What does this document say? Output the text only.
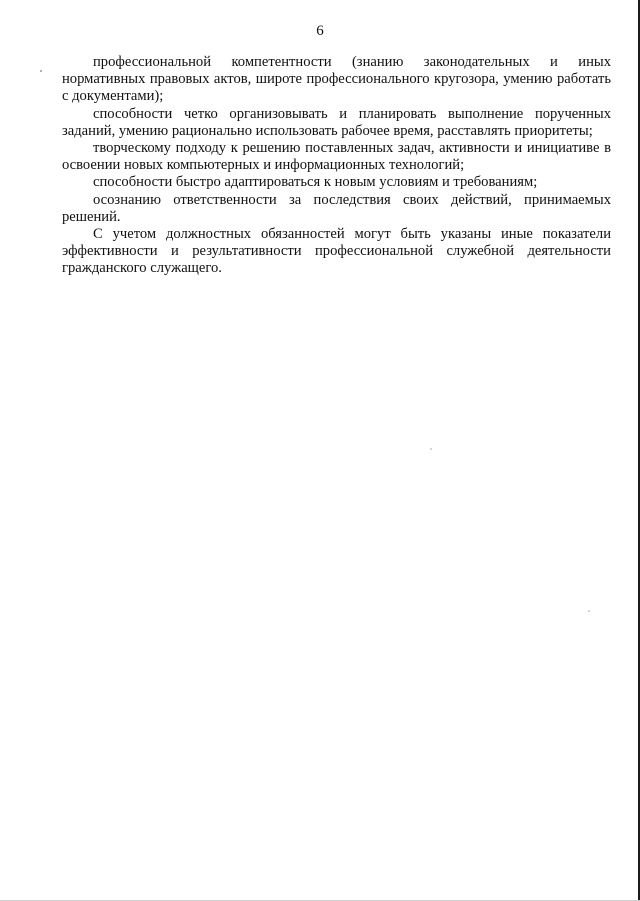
6

профессиональной компетентности (знанию законодательных и иных нормативных правовых актов, широте профессионального кругозора, умению работать с документами);

способности четко организовывать и планировать выполнение порученных заданий, умению рационально использовать рабочее время, расставлять приоритеты;

творческому подходу к решению поставленных задач, активности и инициативе в освоении новых компьютерных и информационных технологий;

способности быстро адаптироваться к новым условиям и требованиям;

осознанию ответственности за последствия своих действий, принимаемых решений.

С учетом должностных обязанностей могут быть указаны иные показатели эффективности и результативности профессиональной служебной деятельности гражданского служащего.
